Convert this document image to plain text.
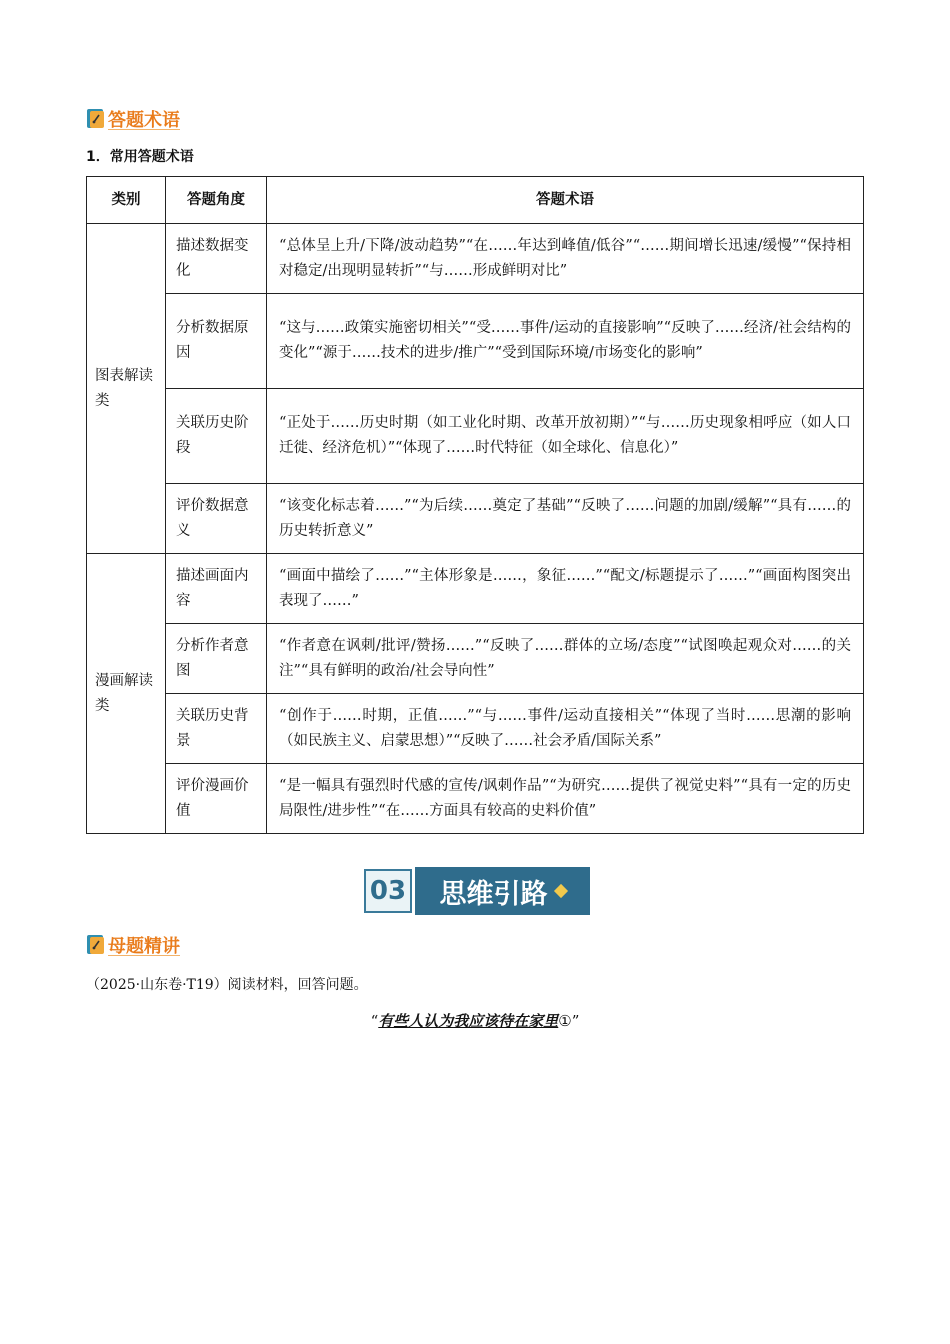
答题术语
1．常用答题术语
类别	答题角度	答题术语
图表解读类	描述数据变化	“总体呈上升/下降/波动趋势”“在……年达到峰值/低谷”“……期间增长迅速/缓慢”“保持相对稳定/出现明显转折”“与……形成鲜明对比”
	分析数据原因	“这与……政策实施密切相关”“受……事件/运动的直接影响”“反映了……经济/社会结构的变化”“源于……技术的进步/推广”“受到国际环境/市场变化的影响”
	关联历史阶段	“正处于……历史时期（如工业化时期、改革开放初期）”“与……历史现象相呼应（如人口迁徙、经济危机）”“体现了……时代特征（如全球化、信息化）”
	评价数据意义	“该变化标志着……”“为后续……奠定了基础”“反映了……问题的加剧/缓解”“具有……的历史转折意义”
漫画解读类	描述画面内容	“画面中描绘了……”“主体形象是……，象征……”“配文/标题提示了……”“画面构图突出表现了……”
	分析作者意图	“作者意在讽刺/批评/赞扬……”“反映了……群体的立场/态度”“试图唤起观众对……的关注”“具有鲜明的政治/社会导向性”
	关联历史背景	“创作于……时期，正值……”“与……事件/运动直接相关”“体现了当时……思潮的影响（如民族主义、启蒙思想）”“反映了……社会矛盾/国际关系”
	评价漫画价值	“是一幅具有强烈时代感的宣传/讽刺作品”“为研究……提供了视觉史料”“具有一定的历史局限性/进步性”“在……方面具有较高的史料价值”
03 思维引路
母题精讲
（2025·山东卷·T19）阅读材料，回答问题。
“有些人认为我应该待在家里①”
